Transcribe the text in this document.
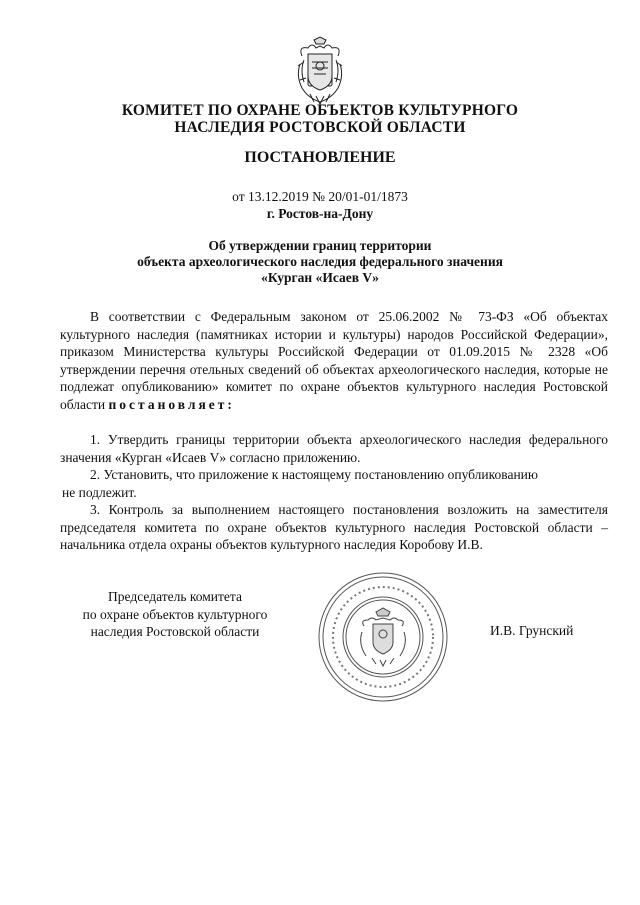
КОМИТЕТ ПО ОХРАНЕ ОБЪЕКТОВ КУЛЬТУРНОГО
НАСЛЕДИЯ РОСТОВСКОЙ ОБЛАСТИ
ПОСТАНОВЛЕНИЕ
от 13.12.2019 № 20/01-01/1873
г. Ростов-на-Дону
Об утверждении границ территории
объекта археологического наследия федерального значения
«Курган «Исаев V»
В соответствии с Федеральным законом от 25.06.2002 № 73-ФЗ «Об объектах культурного наследия (памятниках истории и культуры) народов Российской Федерации», приказом Министерства культуры Российской Федерации от 01.09.2015 № 2328 «Об утверждении перечня отельных сведений об объектах археологического наследия, которые не подлежат опубликованию» комитет по охране объектов культурного наследия Ростовской области постановляет:

1. Утвердить границы территории объекта археологического наследия федерального значения «Курган «Исаев V» согласно приложению.

2. Установить, что приложение к настоящему постановлению опубликованию
не подлежит.

3. Контроль за выполнением настоящего постановления возложить на заместителя председателя комитета по охране объектов культурного наследия Ростовской области – начальника отдела охраны объектов культурного наследия Коробову И.В.

Председатель комитета
по охране объектов культурного
наследия Ростовской области	И.В. Грунский
